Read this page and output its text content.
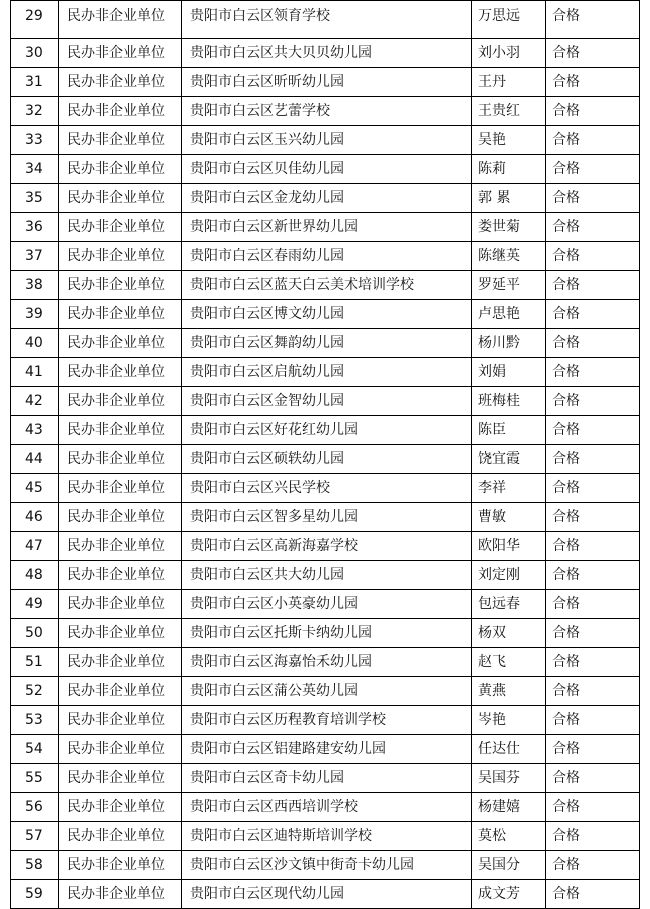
29	民办非企业单位	贵阳市白云区领育学校	万思远	合格
30	民办非企业单位	贵阳市白云区共大贝贝幼儿园	刘小羽	合格
31	民办非企业单位	贵阳市白云区昕昕幼儿园	王丹	合格
32	民办非企业单位	贵阳市白云区艺蕾学校	王贵红	合格
33	民办非企业单位	贵阳市白云区玉兴幼儿园	吴艳	合格
34	民办非企业单位	贵阳市白云区贝佳幼儿园	陈莉	合格
35	民办非企业单位	贵阳市白云区金龙幼儿园	郭 累	合格
36	民办非企业单位	贵阳市白云区新世界幼儿园	娄世菊	合格
37	民办非企业单位	贵阳市白云区春雨幼儿园	陈继英	合格
38	民办非企业单位	贵阳市白云区蓝天白云美术培训学校	罗延平	合格
39	民办非企业单位	贵阳市白云区博文幼儿园	卢思艳	合格
40	民办非企业单位	贵阳市白云区舞韵幼儿园	杨川黔	合格
41	民办非企业单位	贵阳市白云区启航幼儿园	刘娟	合格
42	民办非企业单位	贵阳市白云区金智幼儿园	班梅桂	合格
43	民办非企业单位	贵阳市白云区好花红幼儿园	陈臣	合格
44	民办非企业单位	贵阳市白云区硕轶幼儿园	饶宜霞	合格
45	民办非企业单位	贵阳市白云区兴民学校	李祥	合格
46	民办非企业单位	贵阳市白云区智多星幼儿园	曹敏	合格
47	民办非企业单位	贵阳市白云区高新海嘉学校	欧阳华	合格
48	民办非企业单位	贵阳市白云区共大幼儿园	刘定刚	合格
49	民办非企业单位	贵阳市白云区小英豪幼儿园	包远春	合格
50	民办非企业单位	贵阳市白云区托斯卡纳幼儿园	杨双	合格
51	民办非企业单位	贵阳市白云区海嘉怡禾幼儿园	赵飞	合格
52	民办非企业单位	贵阳市白云区蒲公英幼儿园	黄燕	合格
53	民办非企业单位	贵阳市白云区历程教育培训学校	岑艳	合格
54	民办非企业单位	贵阳市白云区铝建路建安幼儿园	任达仕	合格
55	民办非企业单位	贵阳市白云区奇卡幼儿园	吴国芬	合格
56	民办非企业单位	贵阳市白云区西西培训学校	杨建嬉	合格
57	民办非企业单位	贵阳市白云区迪特斯培训学校	莫松	合格
58	民办非企业单位	贵阳市白云区沙文镇中街奇卡幼儿园	吴国分	合格
59	民办非企业单位	贵阳市白云区现代幼儿园	成文芳	合格
